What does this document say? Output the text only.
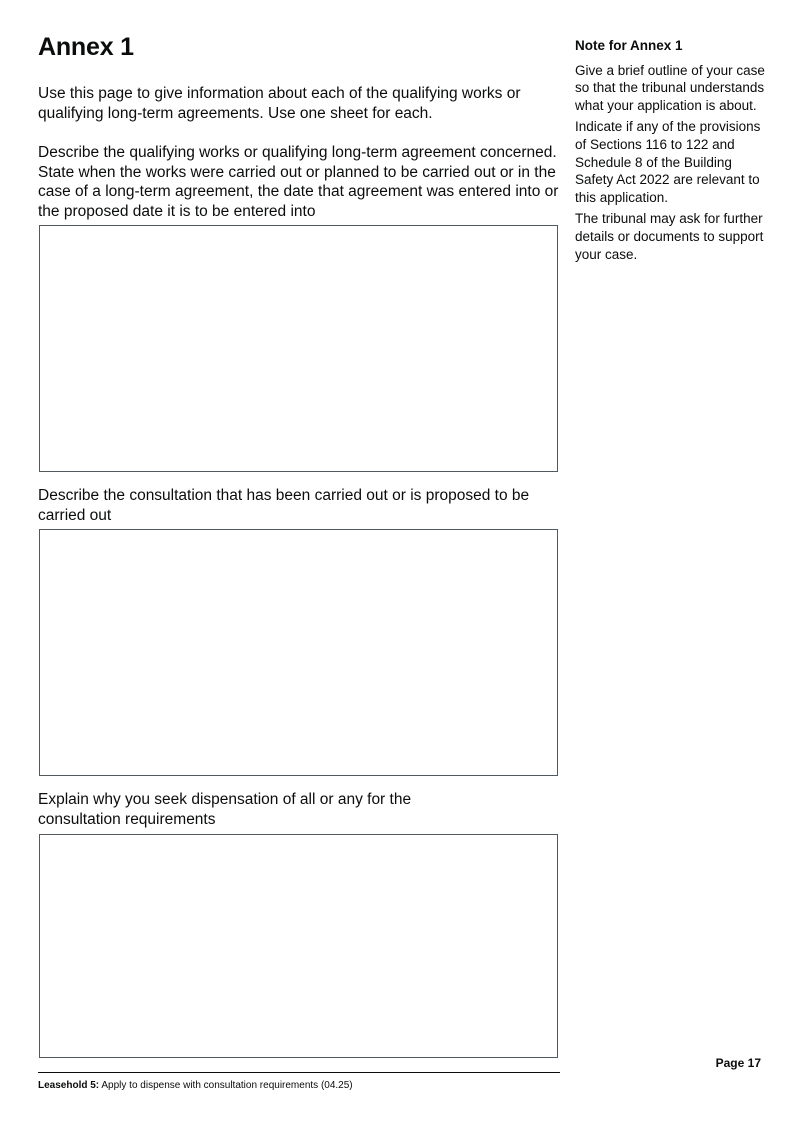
Annex 1

Use this page to give information about each of the qualifying works or qualifying long-term agreements. Use one sheet for each.

Describe the qualifying works or qualifying long-term agreement concerned. State when the works were carried out or planned to be carried out or in the case of a long-term agreement, the date that agreement was entered into or the proposed date it is to be entered into

Describe the consultation that has been carried out or is proposed to be carried out

Explain why you seek dispensation of all or any for the consultation requirements

Note for Annex 1

Give a brief outline of your case so that the tribunal understands what your application is about.

Indicate if any of the provisions of Sections 116 to 122 and Schedule 8 of the Building Safety Act 2022 are relevant to this application.

The tribunal may ask for further details or documents to support your case.

Page 17
Leasehold 5: Apply to dispense with consultation requirements (04.25)
